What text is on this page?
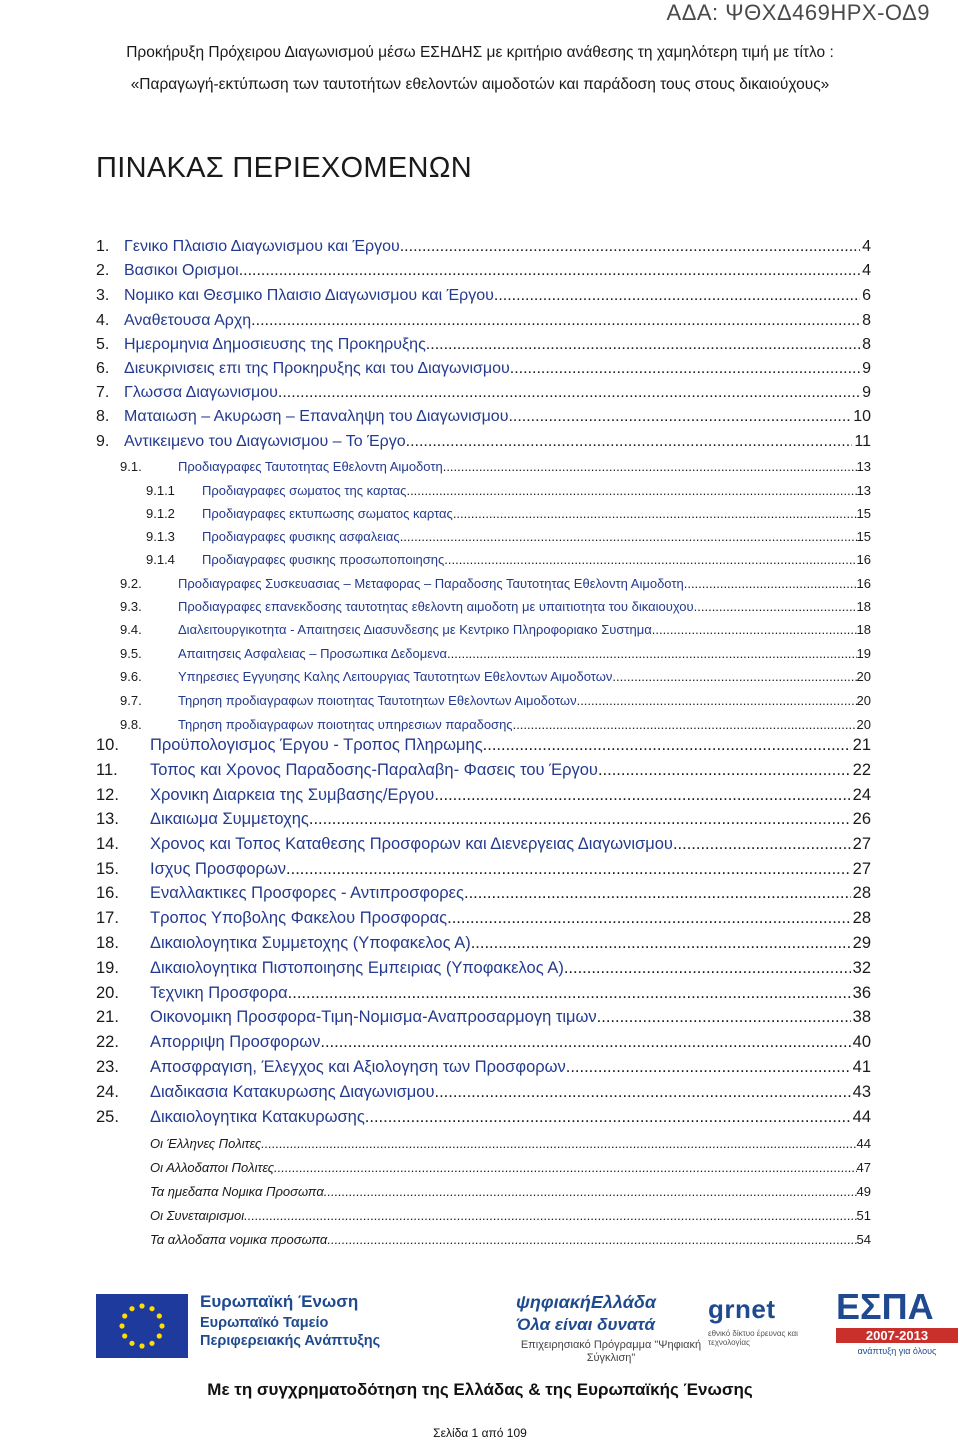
ΑΔΑ: ΨΘΧΔ469ΗΡΧ-ΟΔ9
Προκήρυξη Πρόχειρου Διαγωνισμού μέσω ΕΣΗΔΗΣ με κριτήριο ανάθεσης τη χαμηλότερη τιμή με τίτλο :
«Παραγωγή-εκτύπωση των ταυτοτήτων εθελοντών αιμοδοτών και παράδοση τους στους δικαιούχους»
ΠΙΝΑΚΑΣ ΠΕΡΙΕΧΟΜΕΝΩΝ
1. Γενικο Πλαισιο Διαγωνισμου και Έργου .....	4
2. Βασικοι Ορισμοι .....	4
3. Νομικο και Θεσμικο Πλαισιο Διαγωνισμου και Έργου .....	6
4. Αναθετουσα Αρχη .....	8
5. Ημερομηνια Δημοσιευσης της Προκηρυξης .....	8
6. Διευκρινισεις επι της Προκηρυξης και του Διαγωνισμου .....	9
7. Γλωσσα Διαγωνισμου .....	9
8. Ματαιωση – Ακυρωση – Επαναληψη του Διαγωνισμου .....	10
9. Αντικειμενο του Διαγωνισμου – Το Έργο .....	11
9.1.	Προδιαγραφες Ταυτοτητας Εθελοντη Αιμοδοτη .....	13
9.1.1	Προδιαγραφες σωματος της καρτας .....	13
9.1.2	Προδιαγραφες εκτυπωσης σωματος καρτας .....	15
9.1.3	Προδιαγραφες φυσικης ασφαλειας .....	15
9.1.4	Προδιαγραφες φυσικης προσωποποιησης .....	16
9.2.	Προδιαγραφες Συσκευασιας – Μεταφορας – Παραδοσης Ταυτοτητας Εθελοντη Αιμοδοτη .....	16
9.3.	Προδιαγραφες επανεκδοσης ταυτοτητας εθελοντη αιμοδοτη με υπαιτιοτητα του δικαιουχου .....	18
9.4.	Διαλειτουργικοτητα - Απαιτησεις Διασυνδεσης με Κεντρικο Πληροφοριακο Συστημα .....	18
9.5.	Απαιτησεις Ασφαλειας – Προσωπικα Δεδομενα .....	19
9.6.	Υπηρεσιες Εγγυησης Καλης Λειτουργιας Ταυτοτητων Εθελοντων Αιμοδοτων .....	20
9.7.	Τηρηση προδιαγραφων ποιοτητας Ταυτοτητων Εθελοντων Αιμοδοτων .....	20
9.8.	Τηρηση προδιαγραφων ποιοτητας υπηρεσιων παραδοσης .....	20
10.	Προϋπολογισμος Έργου - Τροπος Πληρωμης .....	21
11.	Τοπος και Χρονος Παραδοσης-Παραλαβη- Φασεις του Έργου .....	22
12.	Χρονικη Διαρκεια της Συμβασης/Εργου .....	24
13.	Δικαιωμα Συμμετοχης .....	26
14.	Χρονος και Τοπος Καταθεσης Προσφορων και Διενεργειας Διαγωνισμου .....	27
15.	Ισχυς Προσφορων .....	27
16.	Εναλλακτικες Προσφορες - Αντιπροσφορες .....	28
17.	Τροπος Υποβολης Φακελου Προσφορας .....	28
18.	Δικαιολογητικα Συμμετοχης (Υποφακελος Α) .....	29
19.	Δικαιολογητικα Πιστοποιησης Εμπειριας (Υποφακελος Α) .....	32
20.	Τεχνικη Προσφορα .....	36
21.	Οικονομικη Προσφορα-Τιμη-Νομισμα-Αναπροσαρμογη τιμων .....	38
22.	Απορριψη Προσφορων .....	40
23.	Αποσφραγιση, Έλεγχος και Αξιολογηση των Προσφορων .....	41
24.	Διαδικασια Κατακυρωσης Διαγωνισμου .....	43
25.	Δικαιολογητικα Κατακυρωσης .....	44
Οι Έλληνες Πολιτες .....	44
Οι Αλλοδαποι Πολιτες .....	47
Τα ημεδαπα Νομικα Προσωπα .....	49
Οι Συνεταιρισμοι .....	51
Τα αλλοδαπα νομικα προσωπα .....	54
Ευρωπαϊκή Ένωση
Ευρωπαϊκό Ταμείο Περιφερειακής Ανάπτυξης
ψηφιακήΕλλάδα
Όλα είναι δυνατά
Επιχειρησιακό Πρόγραμμα "Ψηφιακή Σύγκλιση"
grnet
εθνικό δίκτυο έρευνας και τεχνολογίας
ΕΣΠΑ
2007-2013
ανάπτυξη για όλους
Με τη συγχρηματοδότηση της Ελλάδας & της Ευρωπαϊκής Ένωσης
Σελίδα 1 από 109
